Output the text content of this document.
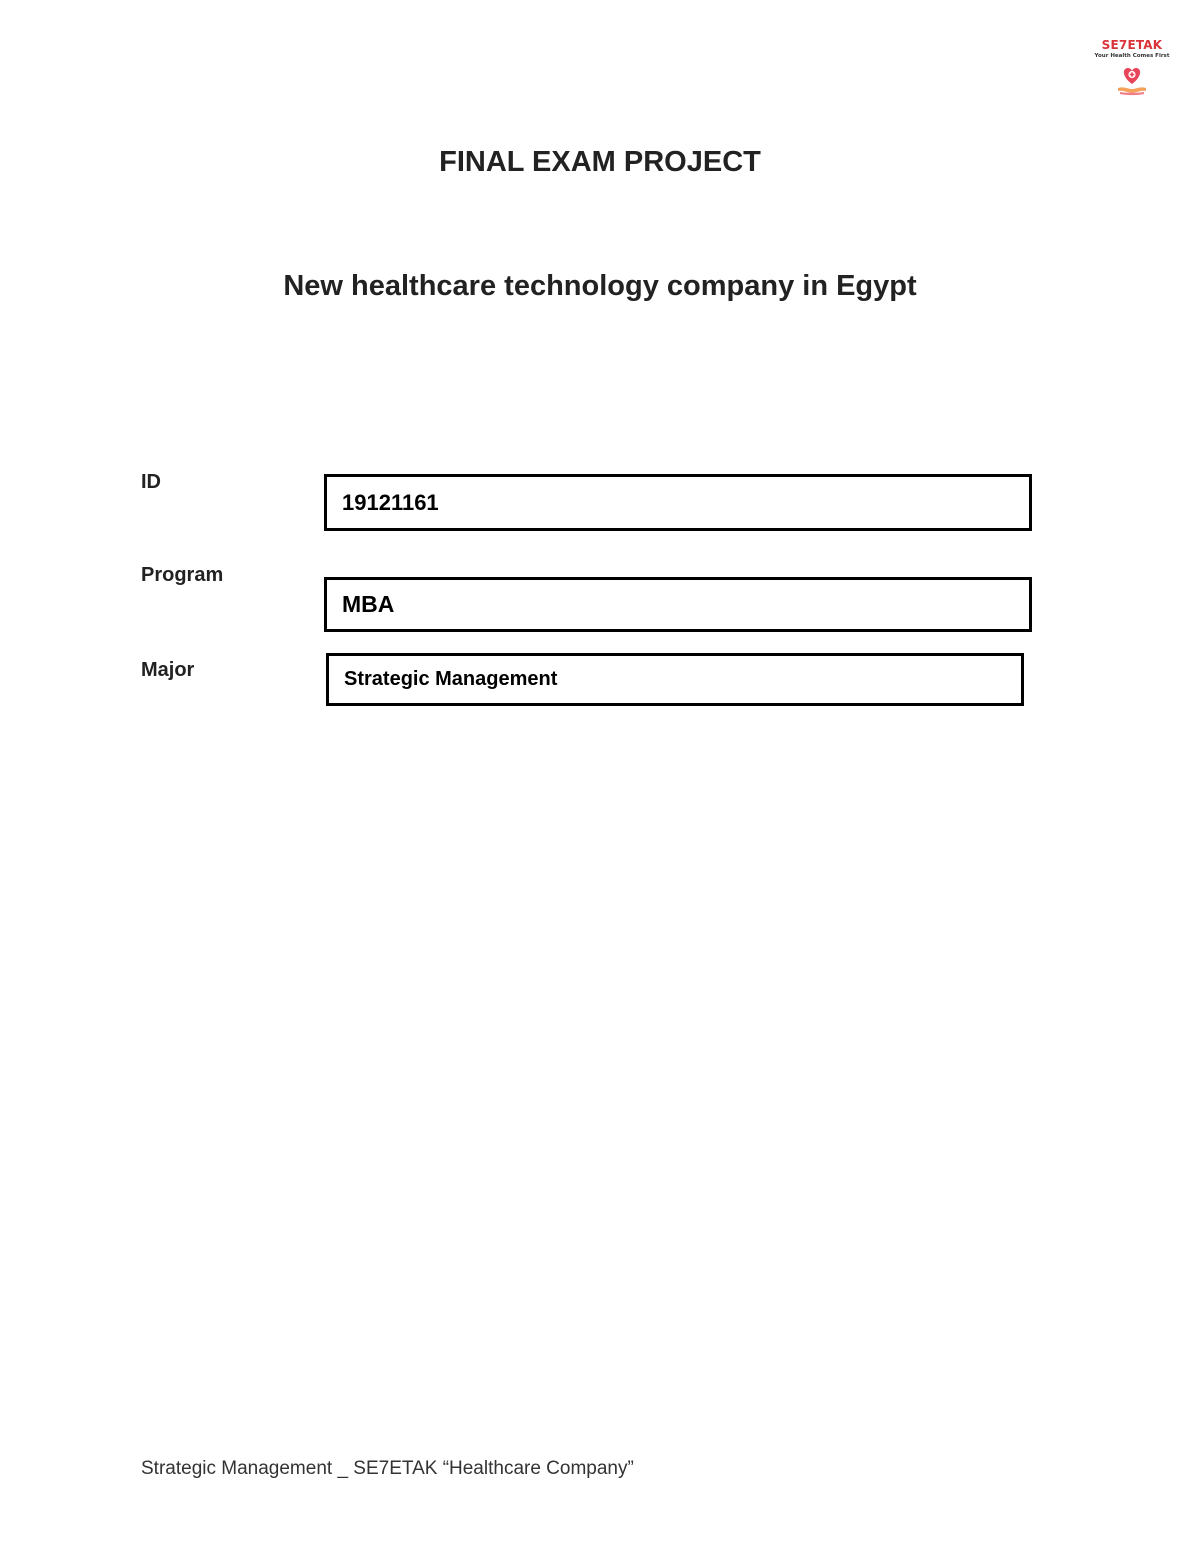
SE7ETAK
Your Health Comes First
FINAL EXAM PROJECT
New healthcare technology company in Egypt
ID
19121161
Program
MBA
Major	Strategic Management
Strategic Management _ SE7ETAK “Healthcare Company”
